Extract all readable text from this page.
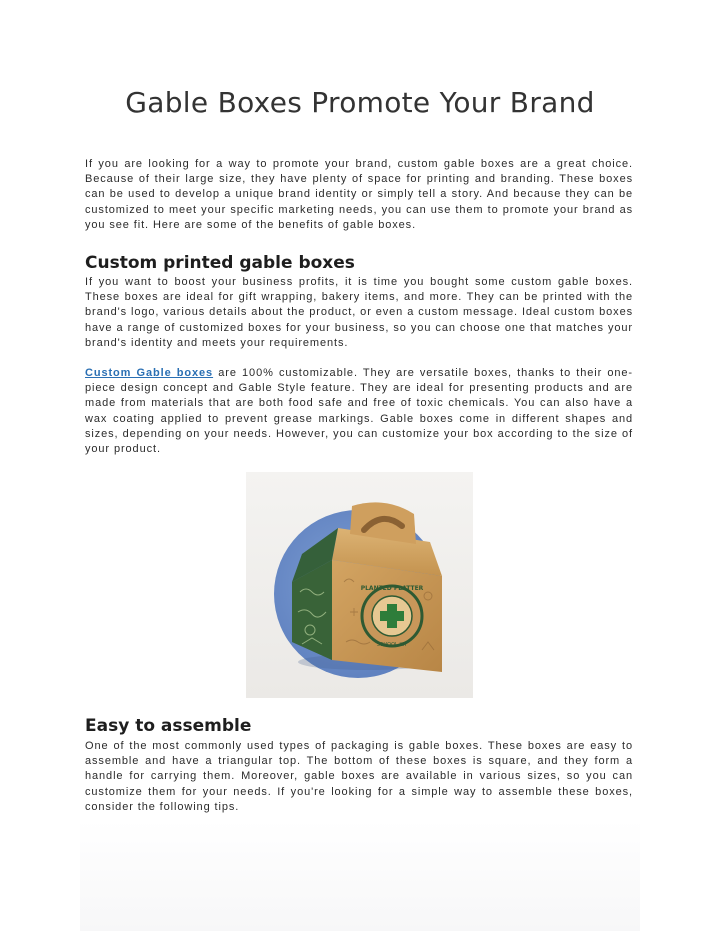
Gable Boxes Promote Your Brand

If you are looking for a way to promote your brand, custom gable boxes are a great choice. Because of their large size, they have plenty of space for printing and branding. These boxes can be used to develop a unique brand identity or simply tell a story. And because they can be customized to meet your specific marketing needs, you can use them to promote your brand as you see fit. Here are some of the benefits of gable boxes.

Custom printed gable boxes

If you want to boost your business profits, it is time you bought some custom gable boxes. These boxes are ideal for gift wrapping, bakery items, and more. They can be printed with the brand's logo, various details about the product, or even a custom message. Ideal custom boxes have a range of customized boxes for your business, so you can choose one that matches your brand's identity and meets your requirements.

Custom Gable boxes are 100% customizable. They are versatile boxes, thanks to their one-piece design concept and Gable Style feature. They are ideal for presenting products and are made from materials that are both food safe and free of toxic chemicals. You can also have a wax coating applied to prevent grease markings. Gable boxes come in different shapes and sizes, depending on your needs. However, you can customize your box according to the size of your product.

PLANTED PLATTER
SCHOOL KIT
Easy to assemble

One of the most commonly used types of packaging is gable boxes. These boxes are easy to assemble and have a triangular top. The bottom of these boxes is square, and they form a handle for carrying them. Moreover, gable boxes are available in various sizes, so you can customize them for your needs. If you're looking for a simple way to assemble these boxes, consider the following tips.
